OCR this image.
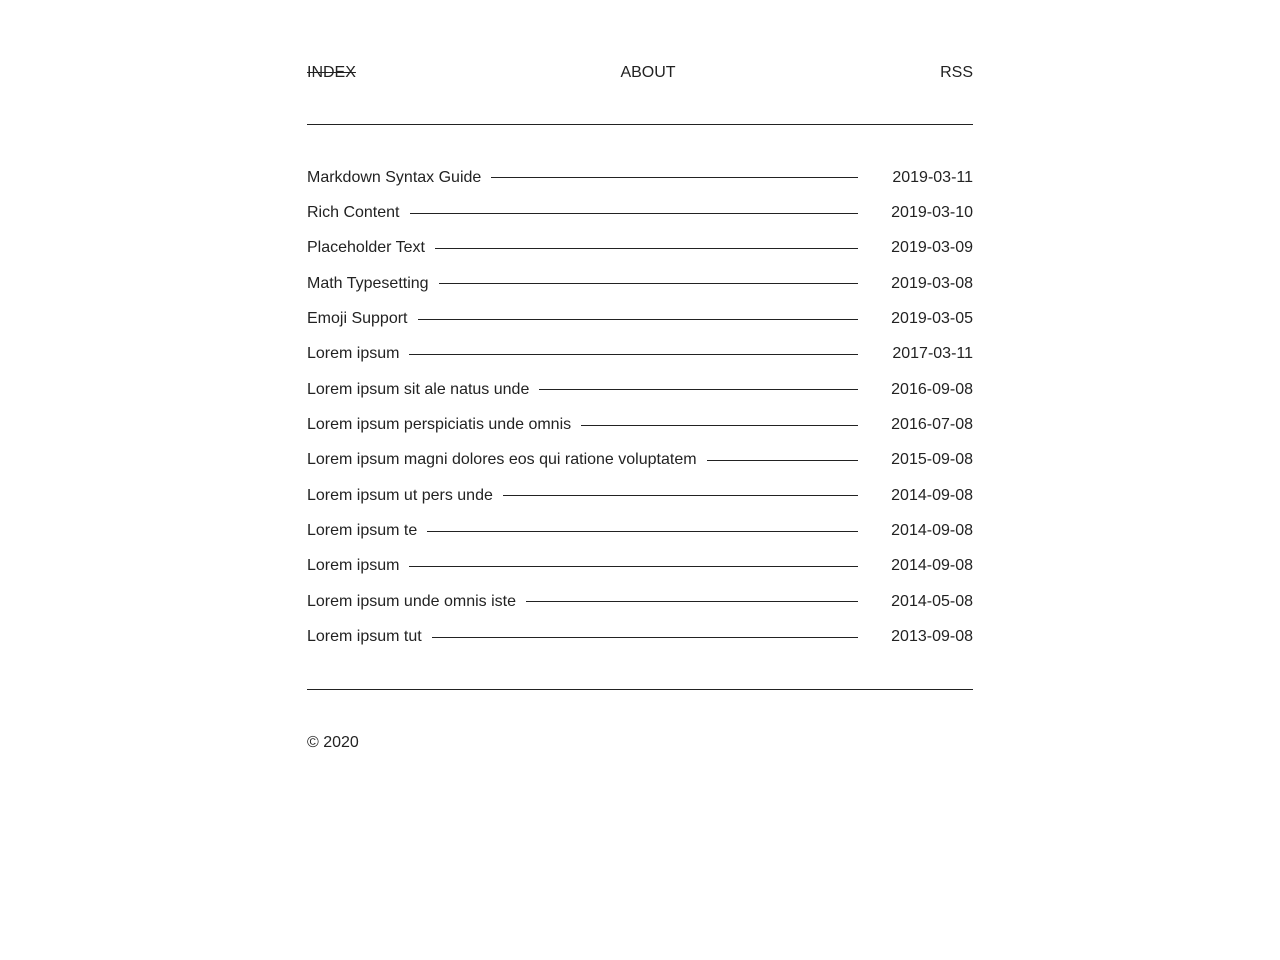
INDEX	ABOUT	RSS
Markdown Syntax Guide	2019-03-11
Rich Content	2019-03-10
Placeholder Text	2019-03-09
Math Typesetting	2019-03-08
Emoji Support	2019-03-05
Lorem ipsum	2017-03-11
Lorem ipsum sit ale natus unde	2016-09-08
Lorem ipsum perspiciatis unde omnis	2016-07-08
Lorem ipsum magni dolores eos qui ratione voluptatem	2015-09-08
Lorem ipsum ut pers unde	2014-09-08
Lorem ipsum te	2014-09-08
Lorem ipsum	2014-09-08
Lorem ipsum unde omnis iste	2014-05-08
Lorem ipsum tut	2013-09-08
© 2020
